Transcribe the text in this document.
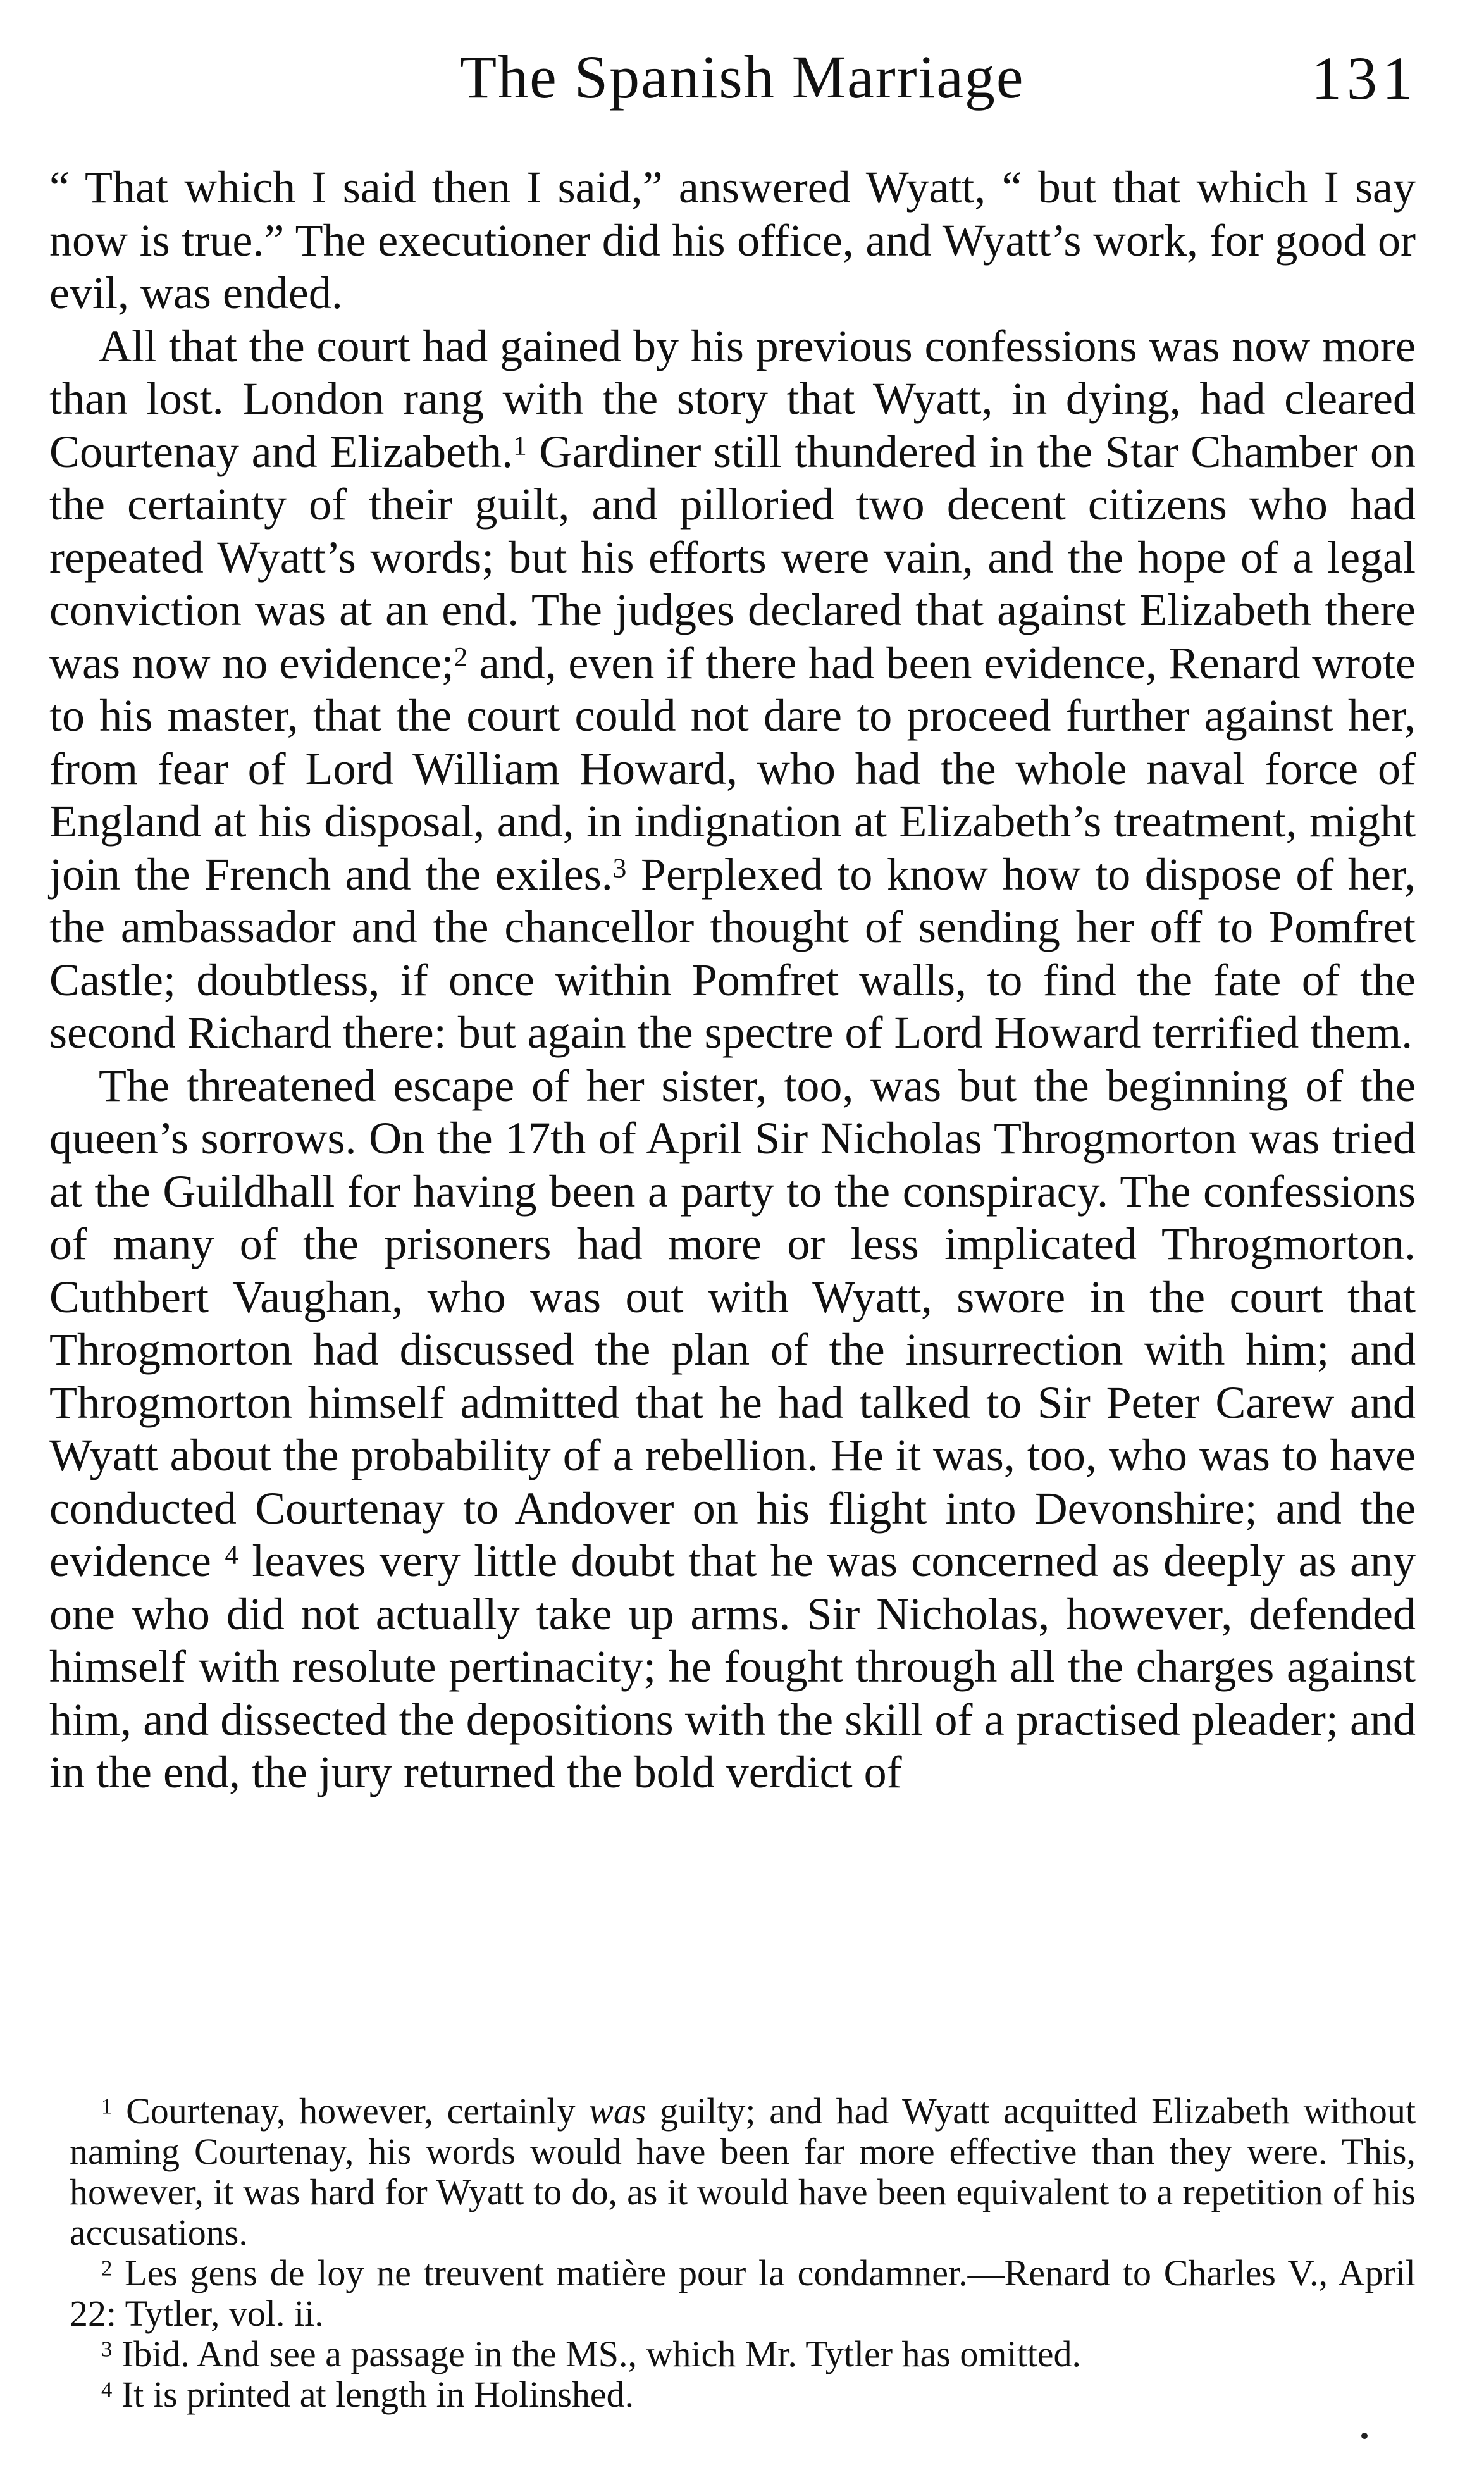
The Spanish Marriage	131

“ That which I said then I said,” answered Wyatt, “ but that which I say now is true.” The executioner did his office, and Wyatt’s work, for good or evil, was ended.

All that the court had gained by his previous confessions was now more than lost. London rang with the story that Wyatt, in dying, had cleared Courtenay and Elizabeth.$^1$ Gardiner still thundered in the Star Chamber on the certainty of their guilt, and pilloried two decent citizens who had repeated Wyatt’s words; but his efforts were vain, and the hope of a legal conviction was at an end. The judges declared that against Elizabeth there was now no evidence;$^2$ and, even if there had been evidence, Renard wrote to his master, that the court could not dare to proceed further against her, from fear of Lord William Howard, who had the whole naval force of England at his disposal, and, in indignation at Elizabeth’s treatment, might join the French and the exiles.$^3$ Perplexed to know how to dispose of her, the ambassador and the chancellor thought of sending her off to Pomfret Castle; doubtless, if once within Pomfret walls, to find the fate of the second Richard there: but again the spectre of Lord Howard terrified them.

The threatened escape of her sister, too, was but the beginning of the queen’s sorrows. On the 17th of April Sir Nicholas Throgmorton was tried at the Guildhall for having been a party to the conspiracy. The confessions of many of the prisoners had more or less implicated Throgmorton. Cuthbert Vaughan, who was out with Wyatt, swore in the court that Throgmorton had discussed the plan of the insurrection with him; and Throgmorton himself admitted that he had talked to Sir Peter Carew and Wyatt about the probability of a rebellion. He it was, too, who was to have conducted Courtenay to Andover on his flight into Devonshire; and the evidence $^4$ leaves very little doubt that he was concerned as deeply as any one who did not actually take up arms. Sir Nicholas, however, defended himself with resolute pertinacity; he fought through all the charges against him, and dissected the depositions with the skill of a practised pleader; and in the end, the jury returned the bold verdict of

$^1$ Courtenay, however, certainly was guilty; and had Wyatt acquitted Elizabeth without naming Courtenay, his words would have been far more effective than they were. This, however, it was hard for Wyatt to do, as it would have been equivalent to a repetition of his accusations.

$^2$ Les gens de loy ne treuvent matière pour la condamner.—Renard to Charles V., April 22: Tytler, vol. ii.

$^3$ Ibid. And see a passage in the MS., which Mr. Tytler has omitted.

$^4$ It is printed at length in Holinshed.
